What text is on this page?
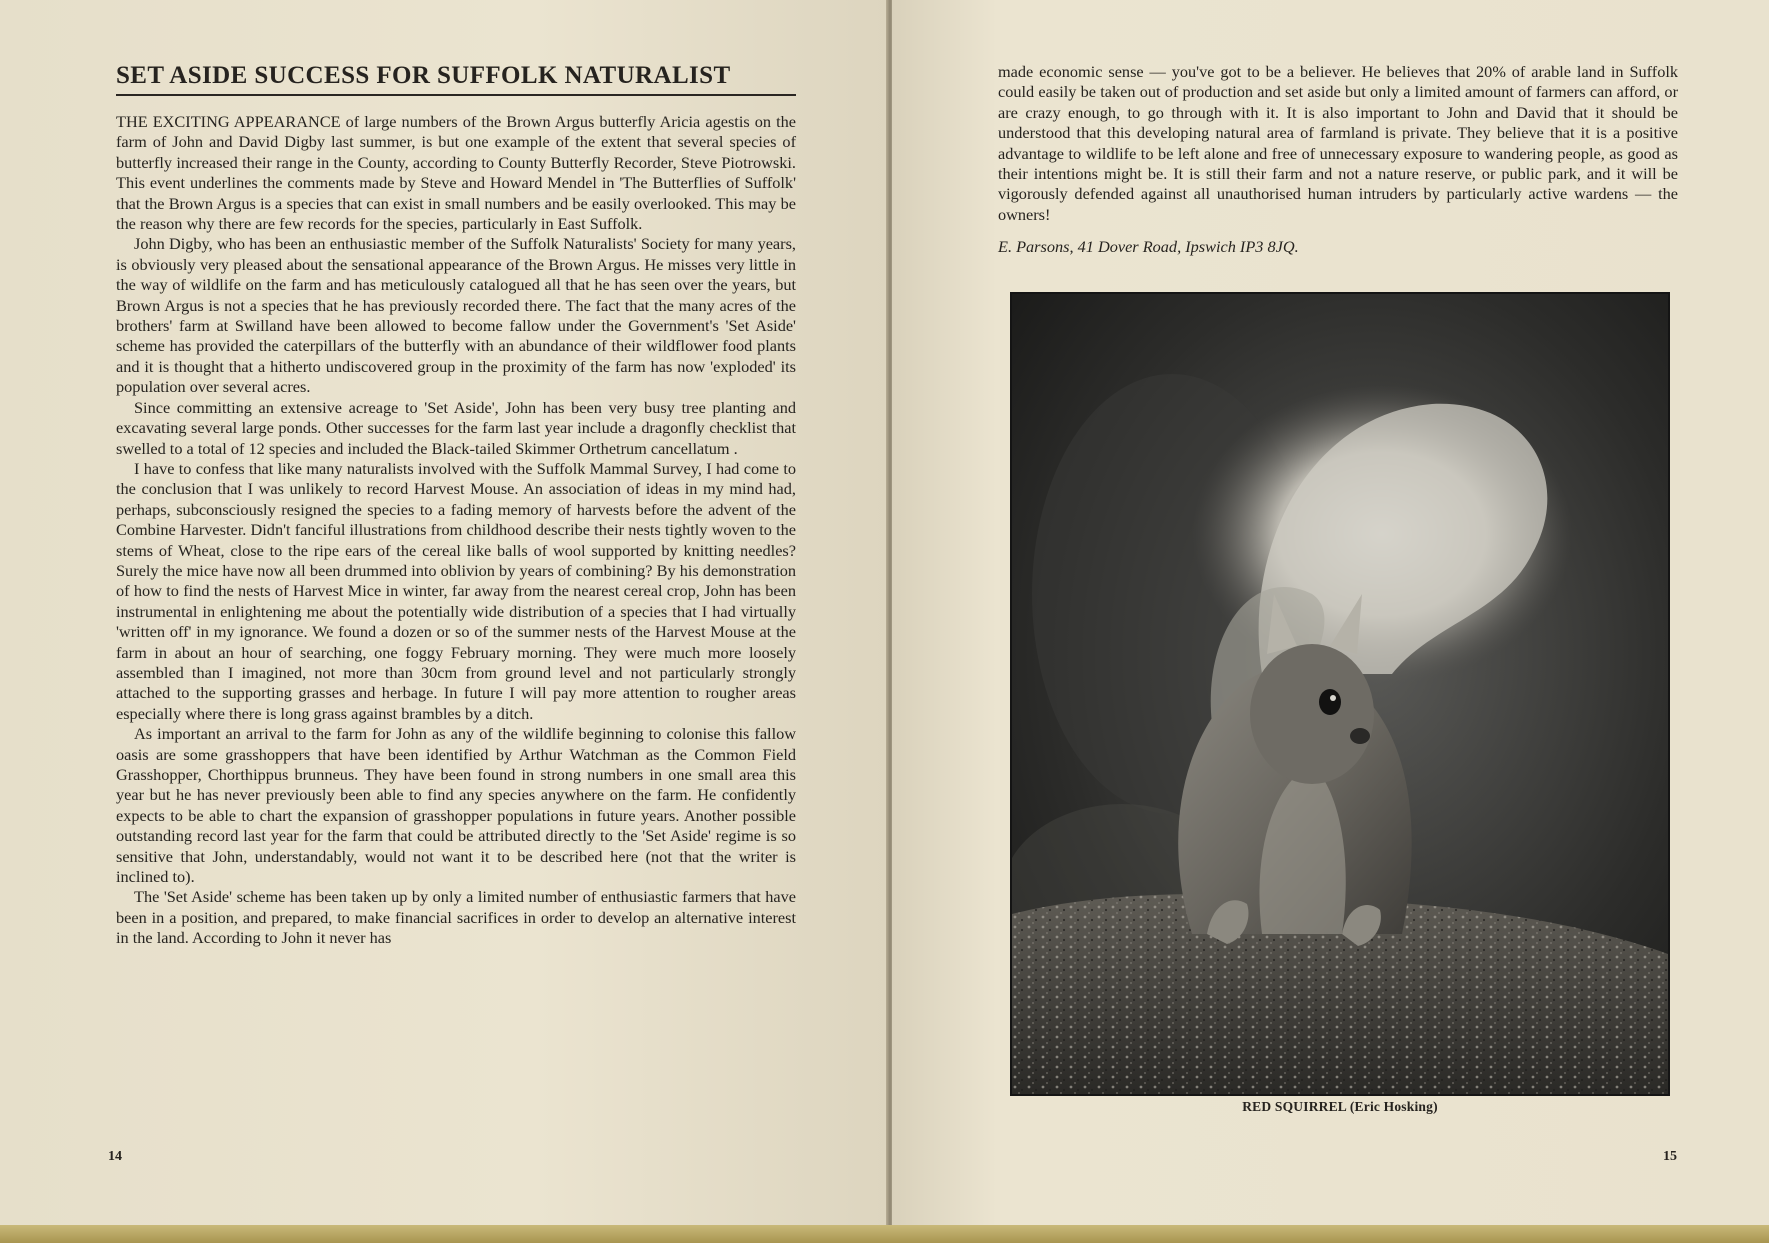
SET ASIDE SUCCESS FOR SUFFOLK NATURALIST

THE EXCITING APPEARANCE of large numbers of the Brown Argus butterfly Aricia agestis on the farm of John and David Digby last summer, is but one example of the extent that several species of butterfly increased their range in the County, according to County Butterfly Recorder, Steve Piotrowski. This event underlines the comments made by Steve and Howard Mendel in 'The Butterflies of Suffolk' that the Brown Argus is a species that can exist in small numbers and be easily overlooked. This may be the reason why there are few records for the species, particularly in East Suffolk.

John Digby, who has been an enthusiastic member of the Suffolk Naturalists' Society for many years, is obviously very pleased about the sensational appearance of the Brown Argus. He misses very little in the way of wildlife on the farm and has meticulously catalogued all that he has seen over the years, but Brown Argus is not a species that he has previously recorded there. The fact that the many acres of the brothers' farm at Swilland have been allowed to become fallow under the Government's 'Set Aside' scheme has provided the caterpillars of the butterfly with an abundance of their wildflower food plants and it is thought that a hitherto undiscovered group in the proximity of the farm has now 'exploded' its population over several acres.

Since committing an extensive acreage to 'Set Aside', John has been very busy tree planting and excavating several large ponds. Other successes for the farm last year include a dragonfly checklist that swelled to a total of 12 species and included the Black-tailed Skimmer Orthetrum cancellatum .

I have to confess that like many naturalists involved with the Suffolk Mammal Survey, I had come to the conclusion that I was unlikely to record Harvest Mouse. An association of ideas in my mind had, perhaps, subconsciously resigned the species to a fading memory of harvests before the advent of the Combine Harvester. Didn't fanciful illustrations from childhood describe their nests tightly woven to the stems of Wheat, close to the ripe ears of the cereal like balls of wool supported by knitting needles? Surely the mice have now all been drummed into oblivion by years of combining? By his demonstration of how to find the nests of Harvest Mice in winter, far away from the nearest cereal crop, John has been instrumental in enlightening me about the potentially wide distribution of a species that I had virtually 'written off' in my ignorance. We found a dozen or so of the summer nests of the Harvest Mouse at the farm in about an hour of searching, one foggy February morning. They were much more loosely assembled than I imagined, not more than 30cm from ground level and not particularly strongly attached to the supporting grasses and herbage. In future I will pay more attention to rougher areas especially where there is long grass against brambles by a ditch.

As important an arrival to the farm for John as any of the wildlife beginning to colonise this fallow oasis are some grasshoppers that have been identified by Arthur Watchman as the Common Field Grasshopper, Chorthippus brunneus. They have been found in strong numbers in one small area this year but he has never previously been able to find any species anywhere on the farm. He confidently expects to be able to chart the expansion of grasshopper populations in future years. Another possible outstanding record last year for the farm that could be attributed directly to the 'Set Aside' regime is so sensitive that John, understandably, would not want it to be described here (not that the writer is inclined to).

The 'Set Aside' scheme has been taken up by only a limited number of enthusiastic farmers that have been in a position, and prepared, to make financial sacrifices in order to develop an alternative interest in the land. According to John it never has

14

made economic sense — you've got to be a believer. He believes that 20% of arable land in Suffolk could easily be taken out of production and set aside but only a limited amount of farmers can afford, or are crazy enough, to go through with it. It is also important to John and David that it should be understood that this developing natural area of farmland is private. They believe that it is a positive advantage to wildlife to be left alone and free of unnecessary exposure to wandering people, as good as their intentions might be. It is still their farm and not a nature reserve, or public park, and it will be vigorously defended against all unauthorised human intruders by particularly active wardens — the owners!

E. Parsons, 41 Dover Road, Ipswich IP3 8JQ.
RED SQUIRREL (Eric Hosking)
15
